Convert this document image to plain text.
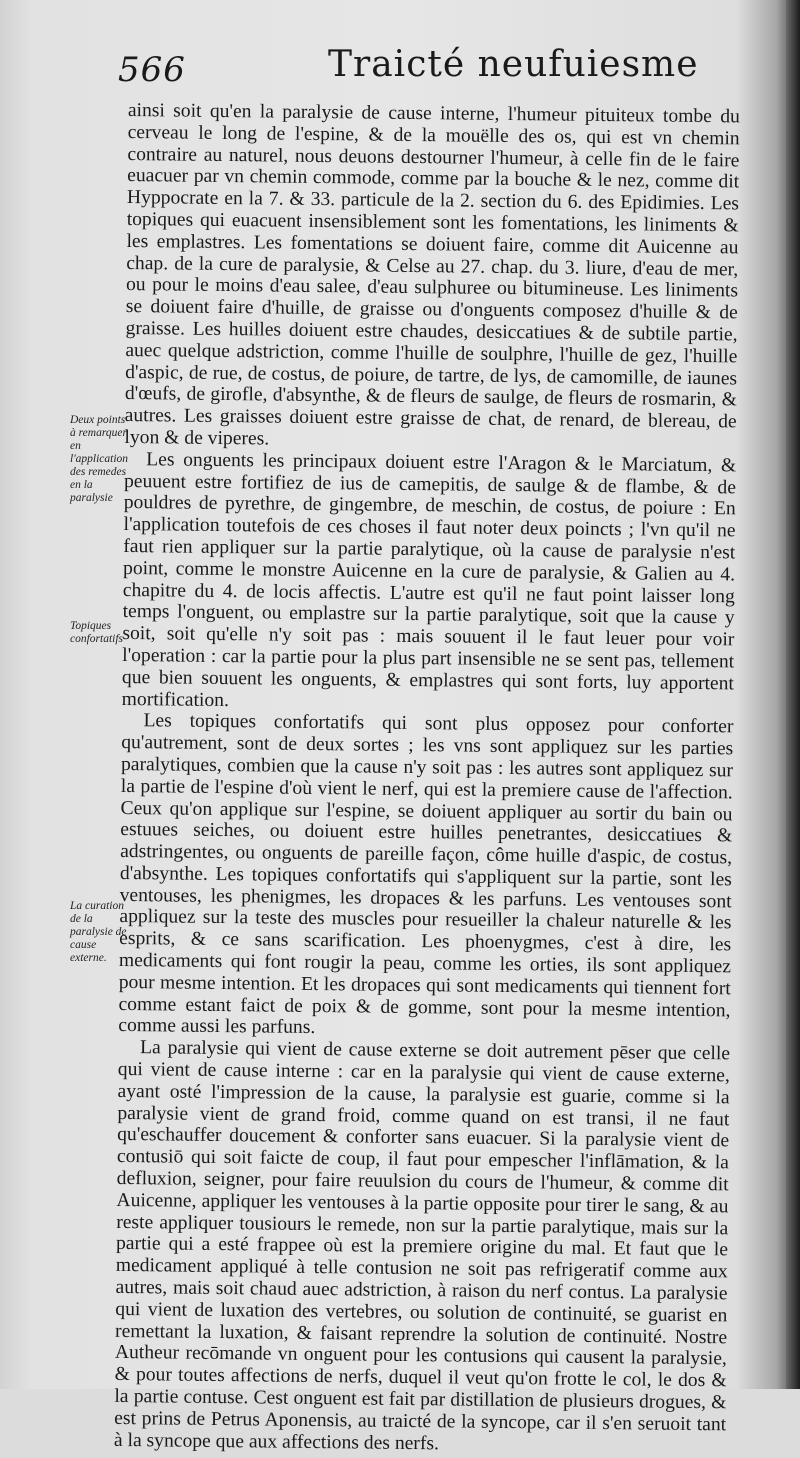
566	Traicté neufuiesme
Deux points à remarquer en l'application des remedes en la paralysie
Topiques confortatifs
La curation de la paralysie de cause externe.

ainsi soit qu'en la paralysie de cause interne, l'humeur pituiteux tombe du cerveau le long de l'espine, & de la mouëlle des os, qui est vn chemin contraire au naturel, nous deuons destourner l'humeur, à celle fin de le faire euacuer par vn chemin commode, comme par la bouche & le nez, comme dit Hyppocrate en la 7. & 33. particule de la 2. section du 6. des Epidimies. Les topiques qui euacuent insensiblement sont les fomentations, les liniments & les emplastres. Les fomentations se doiuent faire, comme dit Auicenne au chap. de la cure de paralysie, & Celse au 27. chap. du 3. liure, d'eau de mer, ou pour le moins d'eau salee, d'eau sulphuree ou bitumineuse. Les liniments se doiuent faire d'huille, de graisse ou d'onguents composez d'huille & de graisse. Les huilles doiuent estre chaudes, desiccatiues & de subtile partie, auec quelque adstriction, comme l'huille de soulphre, l'huille de gez, l'huille d'aspic, de rue, de costus, de poiure, de tartre, de lys, de camomille, de iaunes d'œufs, de girofle, d'absynthe, & de fleurs de saulge, de fleurs de rosmarin, & autres. Les graisses doiuent estre graisse de chat, de renard, de blereau, de lyon & de viperes.

Les onguents les principaux doiuent estre l'Aragon & le Marciatum, & peuuent estre fortifiez de ius de camepitis, de saulge & de flambe, & de pouldres de pyrethre, de gingembre, de meschin, de costus, de poiure : En l'application toutefois de ces choses il faut noter deux poincts ; l'vn qu'il ne faut rien appliquer sur la partie paralytique, où la cause de paralysie n'est point, comme le monstre Auicenne en la cure de paralysie, & Galien au 4. chapitre du 4. de locis affectis. L'autre est qu'il ne faut point laisser long temps l'onguent, ou emplastre sur la partie paralytique, soit que la cause y soit, soit qu'elle n'y soit pas : mais souuent il le faut leuer pour voir l'operation : car la partie pour la plus part insensible ne se sent pas, tellement que bien souuent les onguents, & emplastres qui sont forts, luy apportent mortification.

Les topiques confortatifs qui sont plus opposez pour conforter qu'autrement, sont de deux sortes ; les vns sont appliquez sur les parties paralytiques, combien que la cause n'y soit pas : les autres sont appliquez sur la partie de l'espine d'où vient le nerf, qui est la premiere cause de l'affection. Ceux qu'on applique sur l'espine, se doiuent appliquer au sortir du bain ou estuues seiches, ou doiuent estre huilles penetrantes, desiccatiues & adstringentes, ou onguents de pareille façon, côme huille d'aspic, de costus, d'absynthe. Les topiques confortatifs qui s'appliquent sur la partie, sont les ventouses, les phenigmes, les dropaces & les parfuns. Les ventouses sont appliquez sur la teste des muscles pour resueiller la chaleur naturelle & les esprits, & ce sans scarification. Les phoenygmes, c'est à dire, les medicaments qui font rougir la peau, comme les orties, ils sont appliquez pour mesme intention. Et les dropaces qui sont medicaments qui tiennent fort comme estant faict de poix & de gomme, sont pour la mesme intention, comme aussi les parfuns.

La paralysie qui vient de cause externe se doit autrement pēser que celle qui vient de cause interne : car en la paralysie qui vient de cause externe, ayant osté l'impression de la cause, la paralysie est guarie, comme si la paralysie vient de grand froid, comme quand on est transi, il ne faut qu'eschauffer doucement & conforter sans euacuer. Si la paralysie vient de contusiō qui soit faicte de coup, il faut pour empescher l'inflāmation, & la defluxion, seigner, pour faire reuulsion du cours de l'humeur, & comme dit Auicenne, appliquer les ventouses à la partie opposite pour tirer le sang, & au reste appliquer tousiours le remede, non sur la partie paralytique, mais sur la partie qui a esté frappee où est la premiere origine du mal. Et faut que le medicament appliqué à telle contusion ne soit pas refrigeratif comme aux autres, mais soit chaud auec adstriction, à raison du nerf contus. La paralysie qui vient de luxation des vertebres, ou solution de continuité, se guarist en remettant la luxation, & faisant reprendre la solution de continuité. Nostre Autheur recōmande vn onguent pour les contusions qui causent la paralysie, & pour toutes affections de nerfs, duquel il veut qu'on frotte le col, le dos & la partie contuse. Cest onguent est fait par distillation de plusieurs drogues, & est prins de Petrus Aponensis, au traicté de la syncope, car il s'en seruoit tant à la syncope que aux affections des nerfs.
